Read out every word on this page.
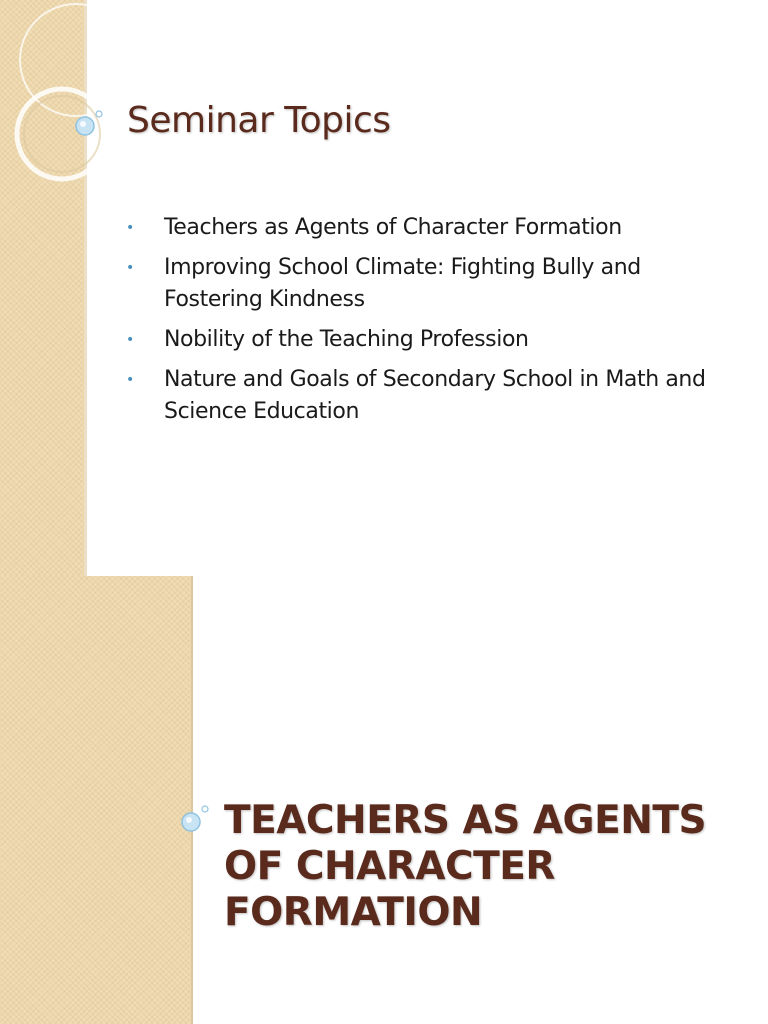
Seminar Topics
• Teachers as Agents of Character Formation
• Improving School Climate: Fighting Bully and Fostering Kindness
• Nobility of the Teaching Profession
• Nature and Goals of Secondary School in Math and Science Education
TEACHERS AS AGENTS OF CHARACTER FORMATION
